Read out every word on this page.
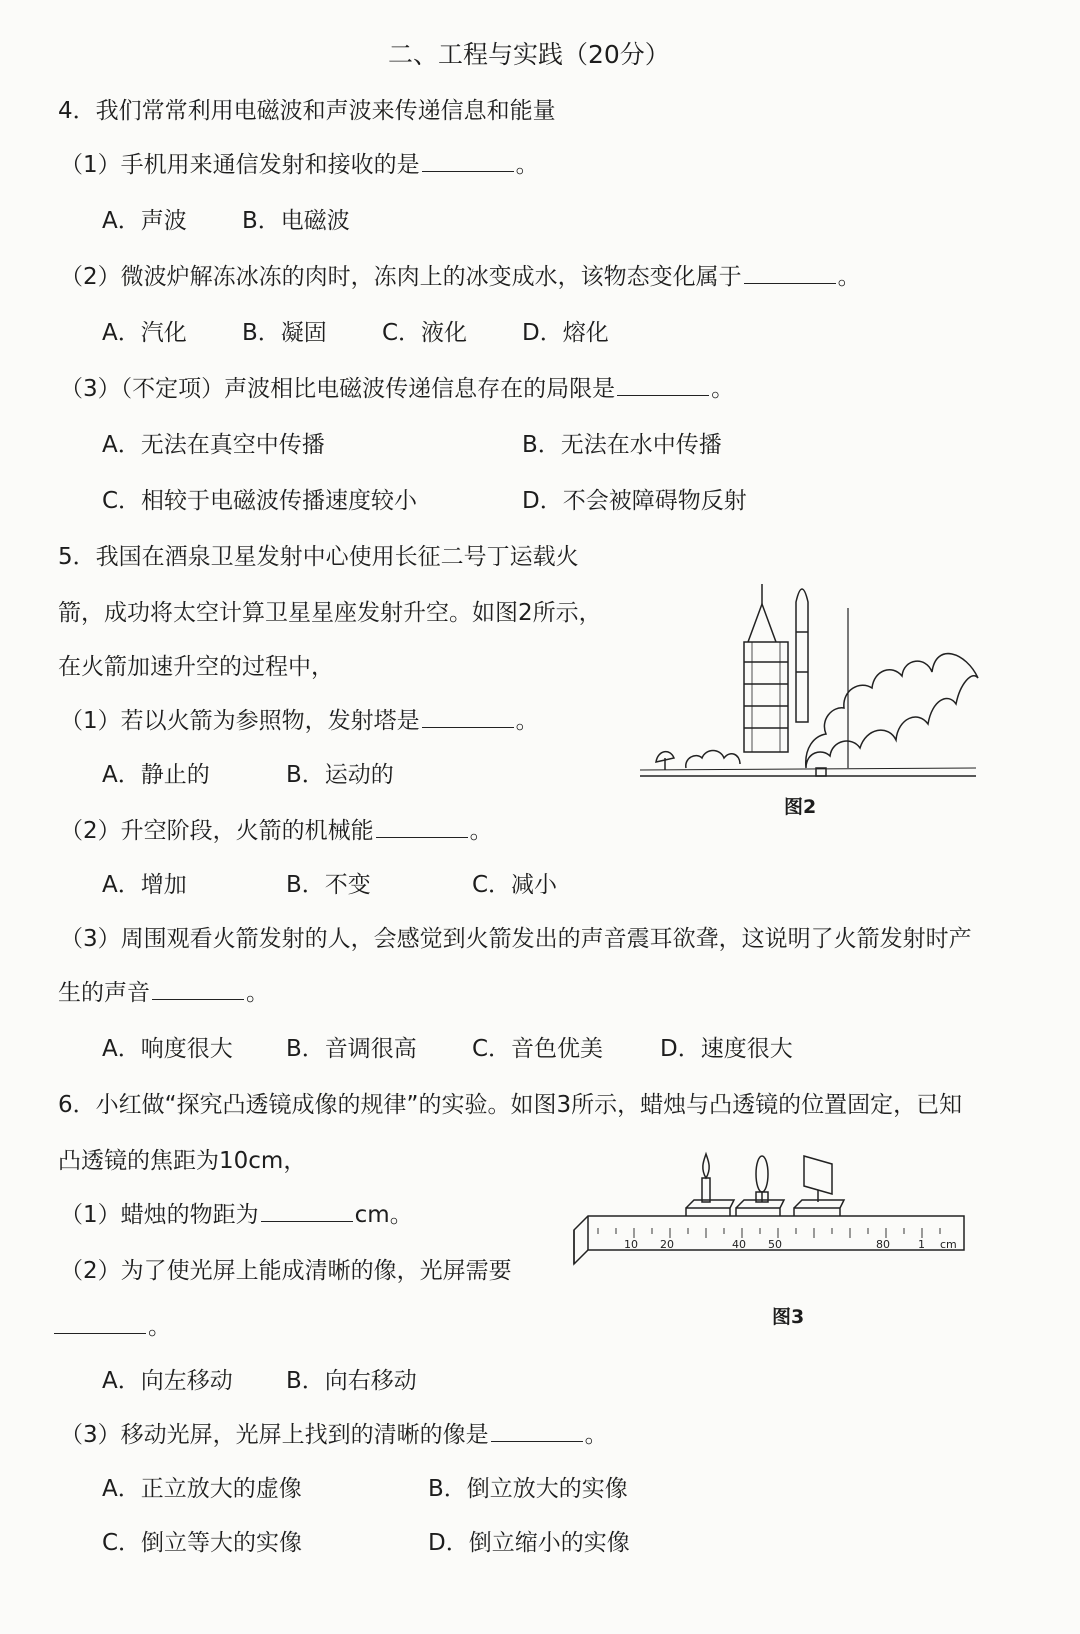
二、工程与实践（20分）
4．我们常常利用电磁波和声波来传递信息和能量
（1）手机用来通信发射和接收的是	。
A．声波 B．电磁波
（2）微波炉解冻冰冻的肉时，冻肉上的冰变成水，该物态变化属于	。
A．汽化 B．凝固 C．液化 D．熔化
（3）（不定项）声波相比电磁波传递信息存在的局限是	。
A．无法在真空中传播	B．无法在水中传播
C．相较于电磁波传播速度较小	D．不会被障碍物反射
5．我国在酒泉卫星发射中心使用长征二号丁运载火
箭，成功将太空计算卫星星座发射升空。如图2所示，
在火箭加速升空的过程中，
（1）若以火箭为参照物，发射塔是	。
A．静止的	B．运动的
图2
（2）升空阶段，火箭的机械能	。
A．增加	B．不变	C．减小
（3）周围观看火箭发射的人，会感觉到火箭发出的声音震耳欲聋，这说明了火箭发射时产
生的声音	。
A．响度很大 B．音调很高 C．音色优美 D．速度很大
6．小红做“探究凸透镜成像的规律”的实验。如图3所示，蜡烛与凸透镜的位置固定，已知
凸透镜的焦距为10cm，
（1）蜡烛的物距为	cm。
（2）为了使光屏上能成清晰的像，光屏需要
。
A．向左移动 B．向右移动
10 20	40 50	80	1 cm
图3
（3）移动光屏，光屏上找到的清晰的像是	。
A．正立放大的虚像	B．倒立放大的实像
C．倒立等大的实像	D．倒立缩小的实像
